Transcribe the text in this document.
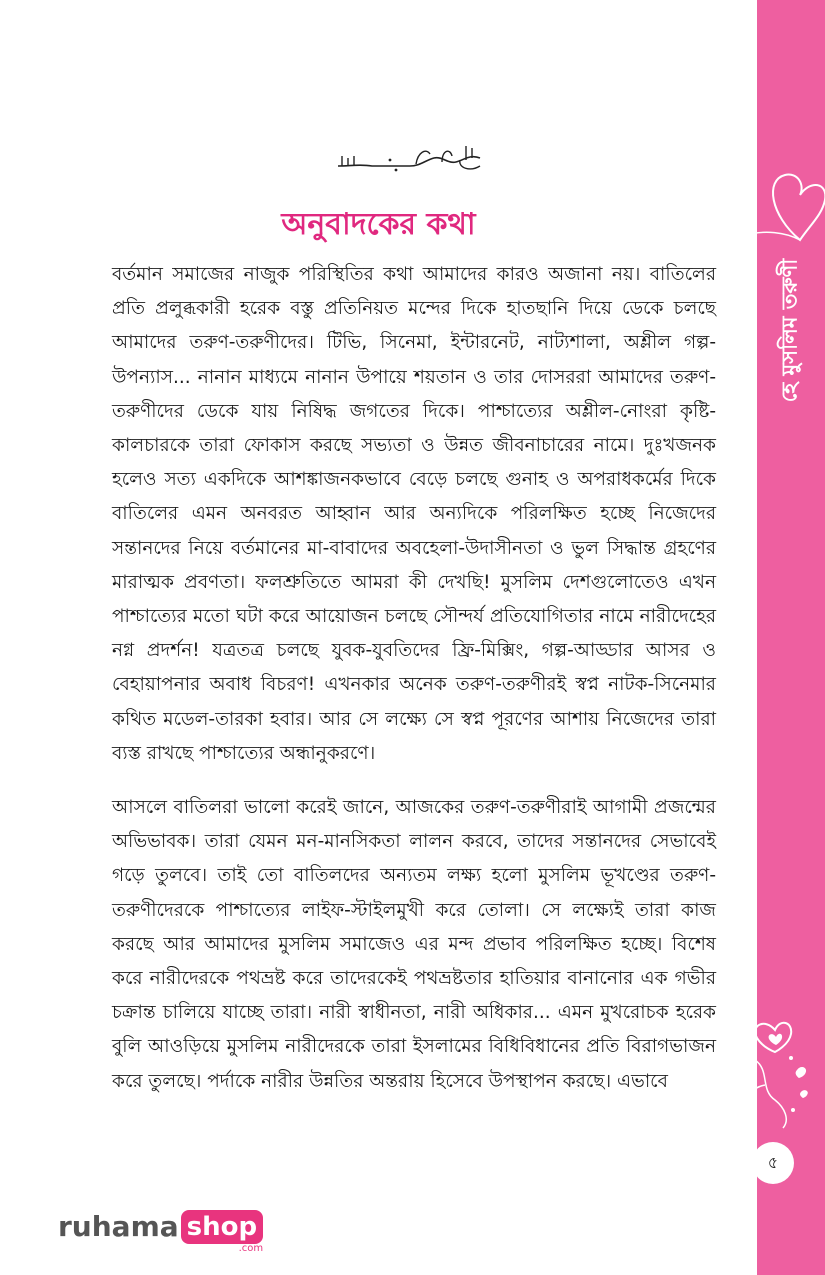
হে মুসলিম তরুণী
৫
অনুবাদকের কথা

বর্তমান সমাজের নাজুক পরিস্থিতির কথা আমাদের কারও অজানা নয়। বাতিলের প্রতি প্রলুব্ধকারী হরেক বস্তু প্রতিনিয়ত মন্দের দিকে হাতছানি দিয়ে ডেকে চলছে আমাদের তরুণ-তরুণীদের। টিভি, সিনেমা, ইন্টারনেট, নাট্যশালা, অশ্লীল গল্প-উপন্যাস... নানান মাধ্যমে নানান উপায়ে শয়তান ও তার দোসররা আমাদের তরুণ-তরুণীদের ডেকে যায় নিষিদ্ধ জগতের দিকে। পাশ্চাত্যের অশ্লীল-নোংরা কৃষ্টি-কালচারকে তারা ফোকাস করছে সভ্যতা ও উন্নত জীবনাচারের নামে। দুঃখজনক হলেও সত্য একদিকে আশঙ্কাজনকভাবে বেড়ে চলছে গুনাহ ও অপরাধকর্মের দিকে বাতিলের এমন অনবরত আহ্বান আর অন্যদিকে পরিলক্ষিত হচ্ছে নিজেদের সন্তানদের নিয়ে বর্তমানের মা-বাবাদের অবহেলা-উদাসীনতা ও ভুল সিদ্ধান্ত গ্রহণের মারাত্মক প্রবণতা। ফলশ্রুতিতে আমরা কী দেখছি! মুসলিম দেশগুলোতেও এখন পাশ্চাত্যের মতো ঘটা করে আয়োজন চলছে সৌন্দর্য প্রতিযোগিতার নামে নারীদেহের নগ্ন প্রদর্শন! যত্রতত্র চলছে যুবক-যুবতিদের ফ্রি-মিক্সিং, গল্প-আড্ডার আসর ও বেহায়াপনার অবাধ বিচরণ! এখনকার অনেক তরুণ-তরুণীরই স্বপ্ন নাটক-সিনেমার কথিত মডেল-তারকা হবার। আর সে লক্ষ্যে সে স্বপ্ন পূরণের আশায় নিজেদের তারা ব্যস্ত রাখছে পাশ্চাত্যের অন্ধানুকরণে।

আসলে বাতিলরা ভালো করেই জানে, আজকের তরুণ-তরুণীরাই আগামী প্রজন্মের অভিভাবক। তারা যেমন মন-মানসিকতা লালন করবে, তাদের সন্তানদের সেভাবেই গড়ে তুলবে। তাই তো বাতিলদের অন্যতম লক্ষ্য হলো মুসলিম ভূখণ্ডের তরুণ-তরুণীদেরকে পাশ্চাত্যের লাইফ-স্টাইলমুখী করে তোলা। সে লক্ষ্যেই তারা কাজ করছে আর আমাদের মুসলিম সমাজেও এর মন্দ প্রভাব পরিলক্ষিত হচ্ছে। বিশেষ করে নারীদেরকে পথভ্রষ্ট করে তাদেরকেই পথভ্রষ্টতার হাতিয়ার বানানোর এক গভীর চক্রান্ত চালিয়ে যাচ্ছে তারা। নারী স্বাধীনতা, নারী অধিকার... এমন মুখরোচক হরেক বুলি আওড়িয়ে মুসলিম নারীদেরকে তারা ইসলামের বিধিবিধানের প্রতি বিরাগভাজন করে তুলছে। পর্দাকে নারীর উন্নতির অন্তরায় হিসেবে উপস্থাপন করছে। এভাবে

ruhama shop
.com
